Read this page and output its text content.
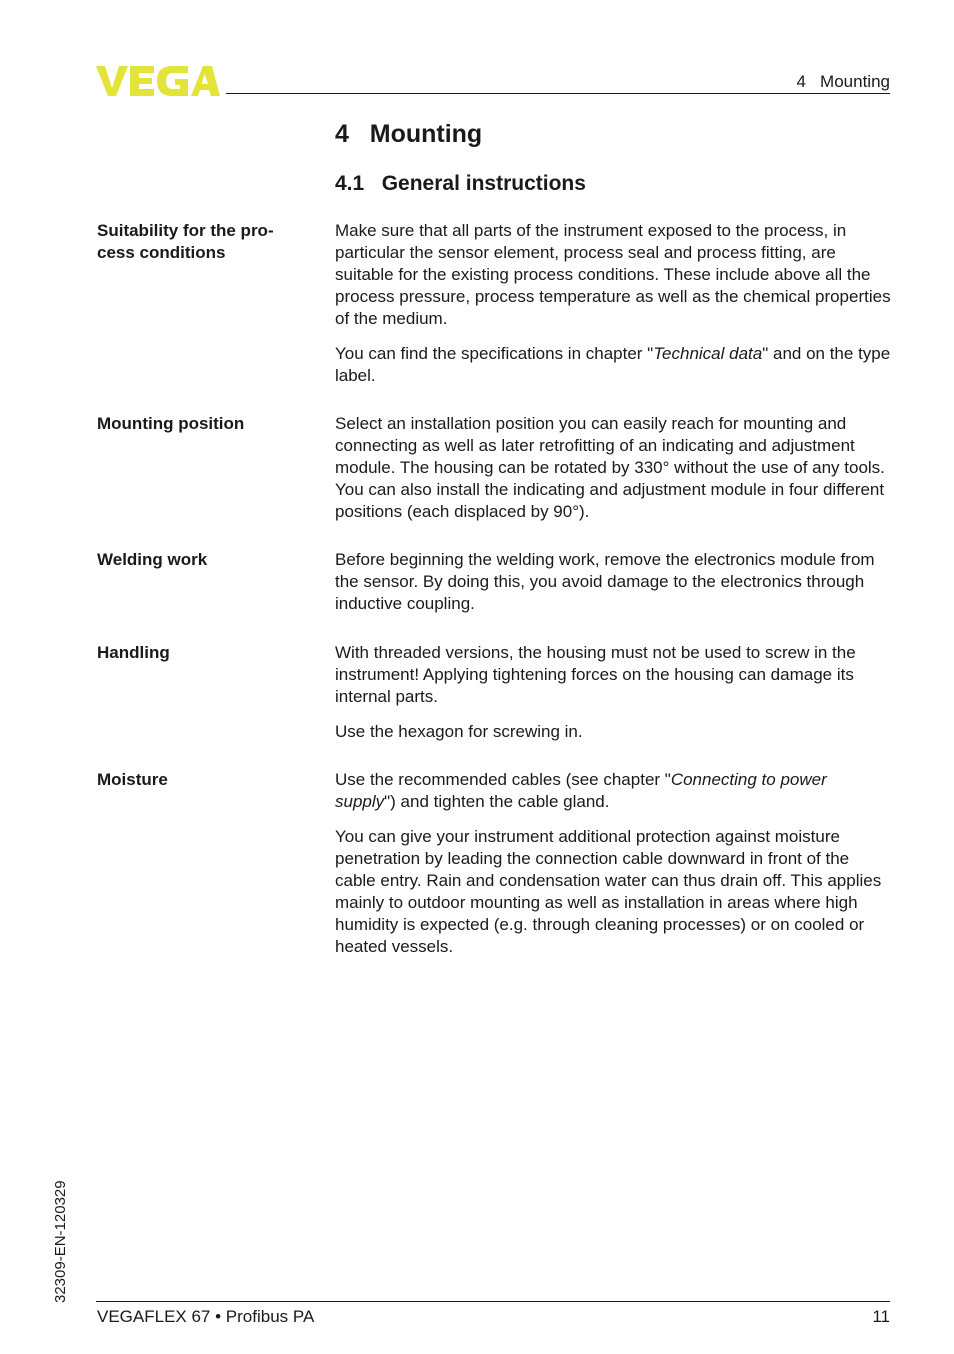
4   Mounting
4   Mounting
4.1   General instructions
Suitability for the pro-
cess conditions

Make sure that all parts of the instrument exposed to the process, in particular the sensor element, process seal and process fitting, are suitable for the existing process conditions. These include above all the process pressure, process temperature as well as the chemical properties of the medium.

You can find the specifications in chapter "Technical data" and on the type label.

Mounting position	Select an installation position you can easily reach for mounting and connecting as well as later retrofitting of an indicating and adjustment module. The housing can be rotated by 330° without the use of any tools. You can also install the indicating and adjustment module in four different positions (each displaced by 90°).

Welding work	Before beginning the welding work, remove the electronics module from the sensor. By doing this, you avoid damage to the electronics through inductive coupling.

Handling	With threaded versions, the housing must not be used to screw in the instrument! Applying tightening forces on the housing can damage its internal parts.

Use the hexagon for screwing in.

Moisture	Use the recommended cables (see chapter "Connecting to power supply") and tighten the cable gland.

You can give your instrument additional protection against moisture penetration by leading the connection cable downward in front of the cable entry. Rain and condensation water can thus drain off. This applies mainly to outdoor mounting as well as installation in areas where high humidity is expected (e.g. through cleaning processes) or on cooled or heated vessels.

32309-EN-120329
VEGAFLEX 67 • Profibus PA	11
